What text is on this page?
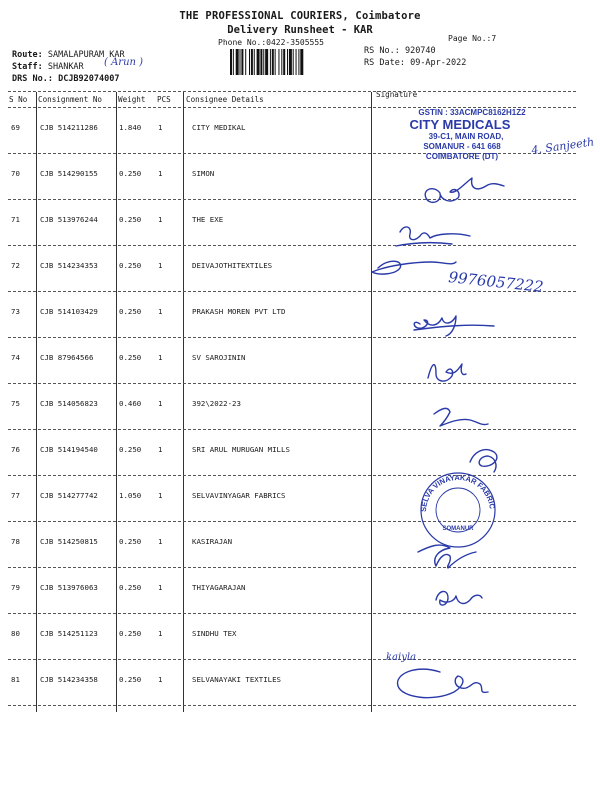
THE PROFESSIONAL COURIERS, Coimbatore
Delivery Runsheet - KAR
Phone No.:0422-3505555	Page No.:7
Route: SAMALAPURAM KAR
Staff: SHANKAR ( Arun )
DRS No.: DCJB92074007
RS No.: 920740
RS Date: 09-Apr-2022
S No Consignment No Weight PCS Consignee Details
Signature
69	CJB 514211286	1.840 1	CITY MEDIKAL
70	CJB 514290155	0.250 1	SIMON
71	CJB 513976244	0.250 1	THE EXE
72	CJB 514234353	0.250 1	DEIVAJOTHITEXTILES
73	CJB 514103429	0.250 1	PRAKASH MOREN PVT LTD
74	CJB 87964566	0.250 1	SV SAROJININ
75	CJB 514056823	0.460 1	392\2022-23
76	CJB 514194540	0.250 1	SRI ARUL MURUGAN MILLS
77	CJB 514277742	1.050 1	SELVAVINYAGAR FABRICS
78	CJB 514250815	0.250 1	KASIRAJAN
79	CJB 513976063	0.250 1	THIYAGARAJAN
80	CJB 514251123	0.250 1	SINDHU TEX
81	CJB 514234358	0.250 1	SELVANAYAKI TEXTILES
GSTIN : 33ACMPC8162H1Z2
CITY MEDICALS
39-C1, MAIN ROAD,
SOMANUR - 641 668
COIMBATORE (DT)	4. Sanjeeth
9976057222
SELVA VINAYAKAR FABRIC
SOMANUR
kaiyla
